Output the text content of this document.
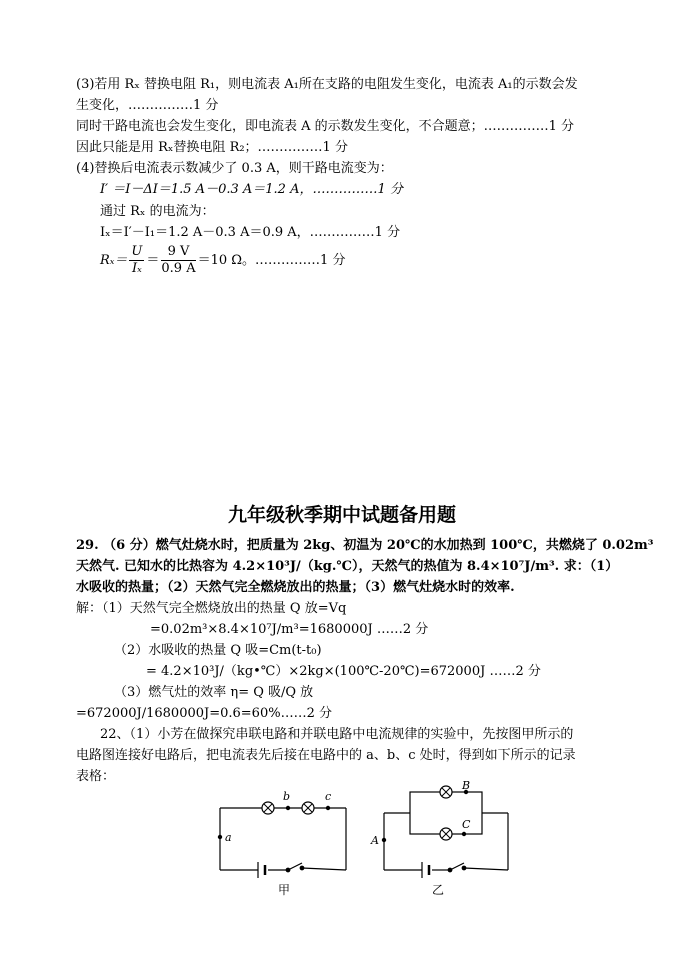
(3)若用 Rₓ 替换电阻 R₁，则电流表 A₁所在支路的电阻发生变化，电流表 A₁的示数会发
生变化，……………1 分
同时干路电流也会发生变化，即电流表 A 的示数发生变化，不合题意；……………1 分
因此只能是用 Rₓ替换电阻 R₂；……………1 分
(4)替换后电流表示数减少了 0.3 A，则干路电流变为：
I′ ＝I－ΔI＝1.5 A－0.3 A＝1.2 A，……………1 分
通过 Rₓ 的电流为：
Iₓ＝I′－I₁＝1.2 A－0.3 A＝0.9 A，……………1 分
$R_x= \frac{U}{\text{Iₓ}} = \frac{9 V}{0.9 A} =10$ Ω。……………1 分
九年级秋季期中试题备用题
29. （6 分）燃气灶烧水时，把质量为 2kg、初温为 20℃的水加热到 100℃，共燃烧了 0.02m³
天然气. 已知水的比热容为 4.2×10³J/（kg.℃），天然气的热值为 8.4×10⁷J/m³. 求：（1）
水吸收的热量；（2）天然气完全燃烧放出的热量；（3）燃气灶烧水时的效率.
解：（1）天然气完全燃烧放出的热量 Q 放=Vq
=0.02m³×8.4×10⁷J/m³=1680000J ……2 分
（2）水吸收的热量 Q 吸=Cm(t-t₀)
= 4.2×10³J/（kg•℃）×2kg×(100℃-20℃)=672000J ……2 分
（3）燃气灶的效率 η= Q 吸/Q 放
=672000J/1680000J=0.6=60%……2 分
22、（1）小芳在做探究串联电路和并联电路中电流规律的实验中，先按图甲所示的
电路图连接好电路后，把电流表先后接在电路中的 a、b、c 处时，得到如下所示的记录
表格：
a
b	c
甲
A
B
C
乙
